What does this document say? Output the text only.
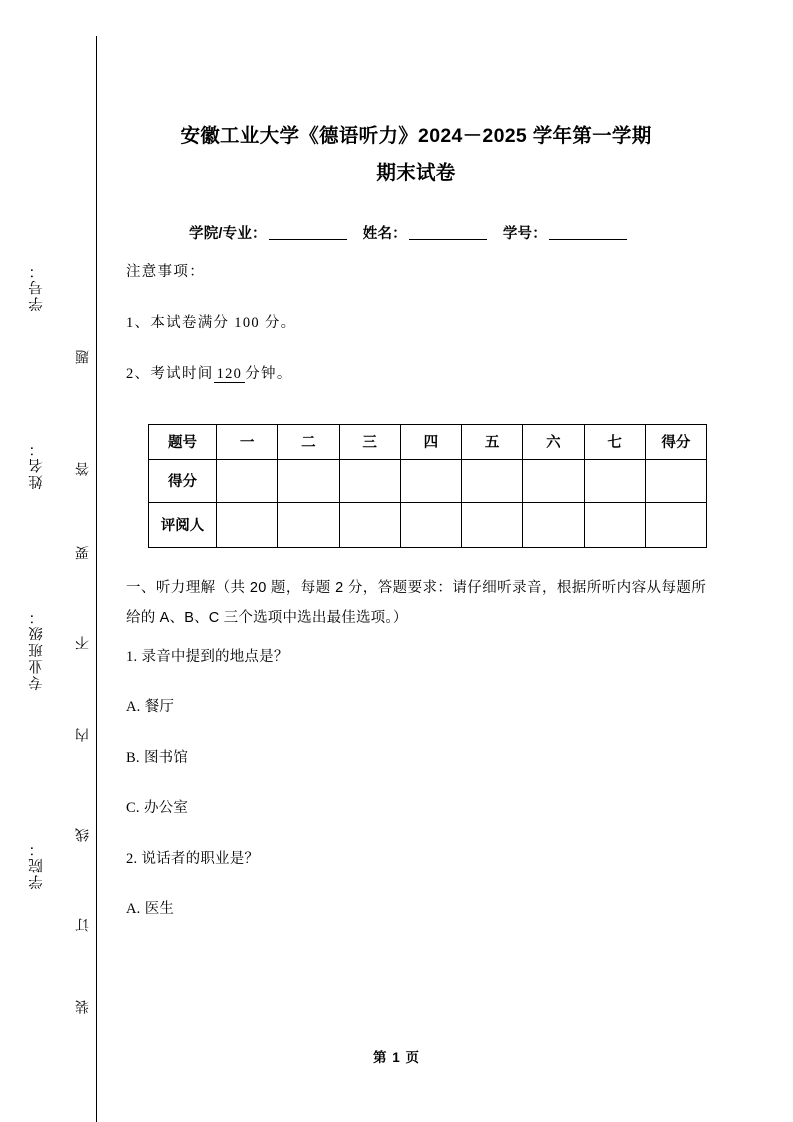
学号：
姓名：
专业班级：
学院：
题
答
要
不
内
线
订
装
安徽工业大学《德语听力》2024－2025 学年第一学期
期末试卷
学院/专业：	姓名：	学号：
注意事项：
1、本试卷满分 100 分。
2、考试时间 120 分钟。
题号	一	二	三	四	五	六	七	得分
得分								
评阅人								
一、听力理解（共 20 题，每题 2 分，答题要求：请仔细听录音，根据所听内容从每题所给的 A、B、C 三个选项中选出最佳选项。）
1. 录音中提到的地点是？
A. 餐厅
B. 图书馆
C. 办公室
2. 说话者的职业是？
A. 医生
第 1 页
